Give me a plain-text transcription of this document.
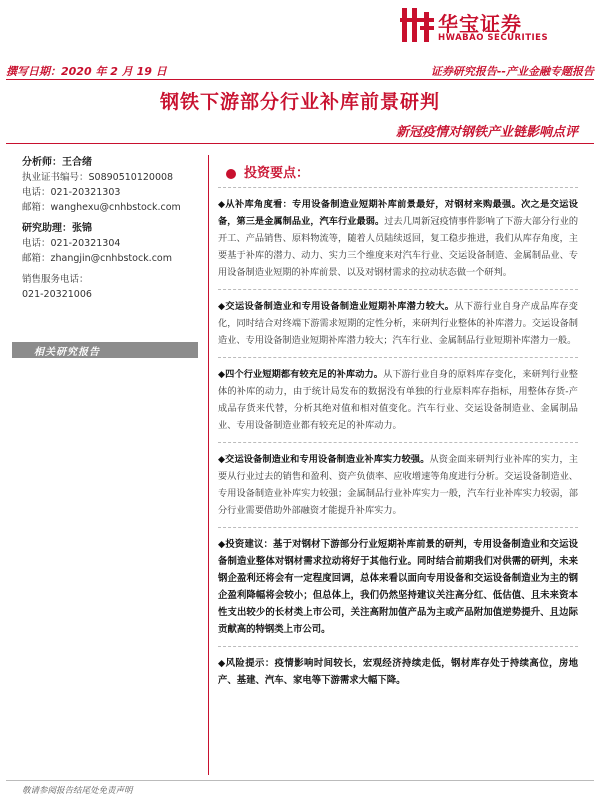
华宝证券
HWABAO SECURITIES
撰写日期：2020 年 2 月 19 日	证券研究报告--产业金融专题报告
钢铁下游部分行业补库前景研判
新冠疫情对钢铁产业链影响点评
分析师：王合绪
执业证书编号：S0890510120008
电话：021-20321303
邮箱：wanghexu@cnhbstock.com
研究助理：张锦
电话：021-20321304
邮箱：zhangjin@cnhbstock.com
销售服务电话：
021-20321006
相关研究报告
投资要点：
◆从补库角度看：专用设备制造业短期补库前景最好，对钢材来购最强。次之是交运设备，第三是金属制品业，汽车行业最弱。过去几周新冠疫情事件影响了下游大部分行业的开工、产品销售、原料物流等，随着人员陆续返回，复工稳步推进，我们从库存角度，主要基于补库的潜力、动力、实力三个维度来对汽车行业、交运设备制造、金属制品业、专用设备制造业短期的补库前景、以及对钢材需求的拉动状态做一个研判。
◆交运设备制造业和专用设备制造业短期补库潜力较大。从下游行业自身产成品库存变化，同时结合对终端下游需求短期的定性分析，来研判行业整体的补库潜力。交运设备制造业、专用设备制造业短期补库潜力较大；汽车行业、金属制品行业短期补库潜力一般。
◆四个行业短期都有较充足的补库动力。从下游行业自身的原料库存变化，来研判行业整体的补库的动力，由于统计局发布的数据没有单独的行业原料库存指标，用整体存货-产成品存货来代替，分析其绝对值和相对值变化。汽车行业、交运设备制造业、金属制品业、专用设备制造业都有较充足的补库动力。
◆交运设备制造业和专用设备制造业补库实力较强。从资金面来研判行业补库的实力，主要从行业过去的销售和盈利、资产负债率、应收增速等角度进行分析。交运设备制造业、专用设备制造业补库实力较强；金属制品行业补库实力一般，汽车行业补库实力较弱，部分行业需要借助外部融资才能提升补库实力。
◆投资建议：基于对钢材下游部分行业短期补库前景的研判，专用设备制造业和交运设备制造业整体对钢材需求拉动将好于其他行业。同时结合前期我们对供需的研判，未来钢企盈利还将会有一定程度回调，总体来看以面向专用设备和交运设备制造业为主的钢企盈利降幅将会较小；但总体上，我们仍然坚持建议关注高分红、低估值、且未来资本性支出较少的长材类上市公司，关注高附加值产品为主或产品附加值逆势提升、且边际贡献高的特钢类上市公司。
◆风险提示：疫情影响时间较长，宏观经济持续走低，钢材库存处于持续高位，房地产、基建、汽车、家电等下游需求大幅下降。
敬请参阅报告结尾处免责声明
